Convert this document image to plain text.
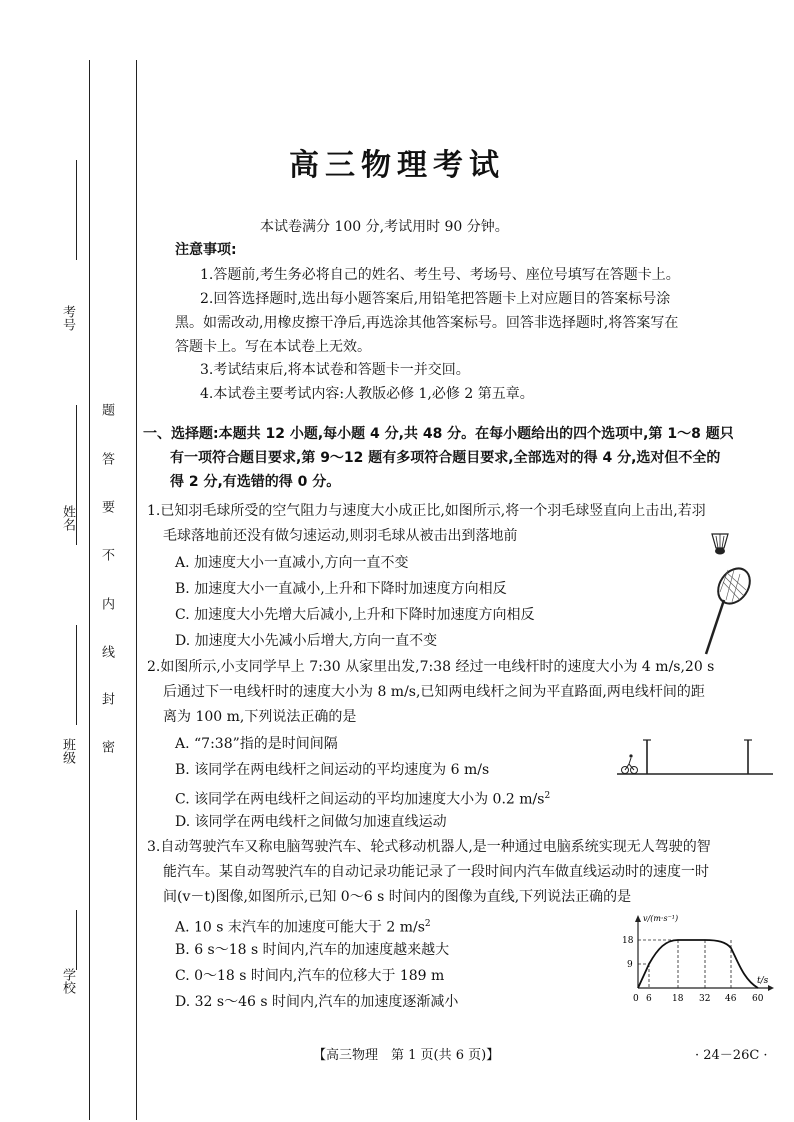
考号
姓名
班级
学校
题
答
要
不
内
线
封
密
高三物理考试
本试卷满分 100 分,考试用时 90 分钟。
注意事项:
1.答题前,考生务必将自己的姓名、考生号、考场号、座位号填写在答题卡上。
2.回答选择题时,选出每小题答案后,用铅笔把答题卡上对应题目的答案标号涂
黑。如需改动,用橡皮擦干净后,再选涂其他答案标号。回答非选择题时,将答案写在
答题卡上。写在本试卷上无效。
3.考试结束后,将本试卷和答题卡一并交回。
4.本试卷主要考试内容:人教版必修 1,必修 2 第五章。
一、选择题:本题共 12 小题,每小题 4 分,共 48 分。在每小题给出的四个选项中,第 1～8 题只
有一项符合题目要求,第 9～12 题有多项符合题目要求,全部选对的得 4 分,选对但不全的
得 2 分,有选错的得 0 分。
1.已知羽毛球所受的空气阻力与速度大小成正比,如图所示,将一个羽毛球竖直向上击出,若羽
毛球落地前还没有做匀速运动,则羽毛球从被击出到落地前
A. 加速度大小一直减小,方向一直不变
B. 加速度大小一直减小,上升和下降时加速度方向相反
C. 加速度大小先增大后减小,上升和下降时加速度方向相反
D. 加速度大小先减小后增大,方向一直不变
2.如图所示,小支同学早上 7:30 从家里出发,7:38 经过一电线杆时的速度大小为 4 m/s,20 s
后通过下一电线杆时的速度大小为 8 m/s,已知两电线杆之间为平直路面,两电线杆间的距
离为 100 m,下列说法正确的是
A. “7:38”指的是时间间隔
B. 该同学在两电线杆之间运动的平均速度为 6 m/s
C. 该同学在两电线杆之间运动的平均加速度大小为 0.2 $m/s^2$
D. 该同学在两电线杆之间做匀加速直线运动
3.自动驾驶汽车又称电脑驾驶汽车、轮式移动机器人,是一种通过电脑系统实现无人驾驶的智
能汽车。某自动驾驶汽车的自动记录功能记录了一段时间内汽车做直线运动时的速度一时
间(v－t)图像,如图所示,已知 0～6 s 时间内的图像为直线,下列说法正确的是
A. 10 s 末汽车的加速度可能大于 2 $m/s^2$
B. 6 s～18 s 时间内,汽车的加速度越来越大
C. 0～18 s 时间内,汽车的位移大于 189 m
D. 32 s～46 s 时间内,汽车的加速度逐渐减小
v/(m·s⁻¹)
t/s
18
9
0 6 18 32 46 60
【高三物理　第 1 页(共 6 页)】	· 24－26C ·
